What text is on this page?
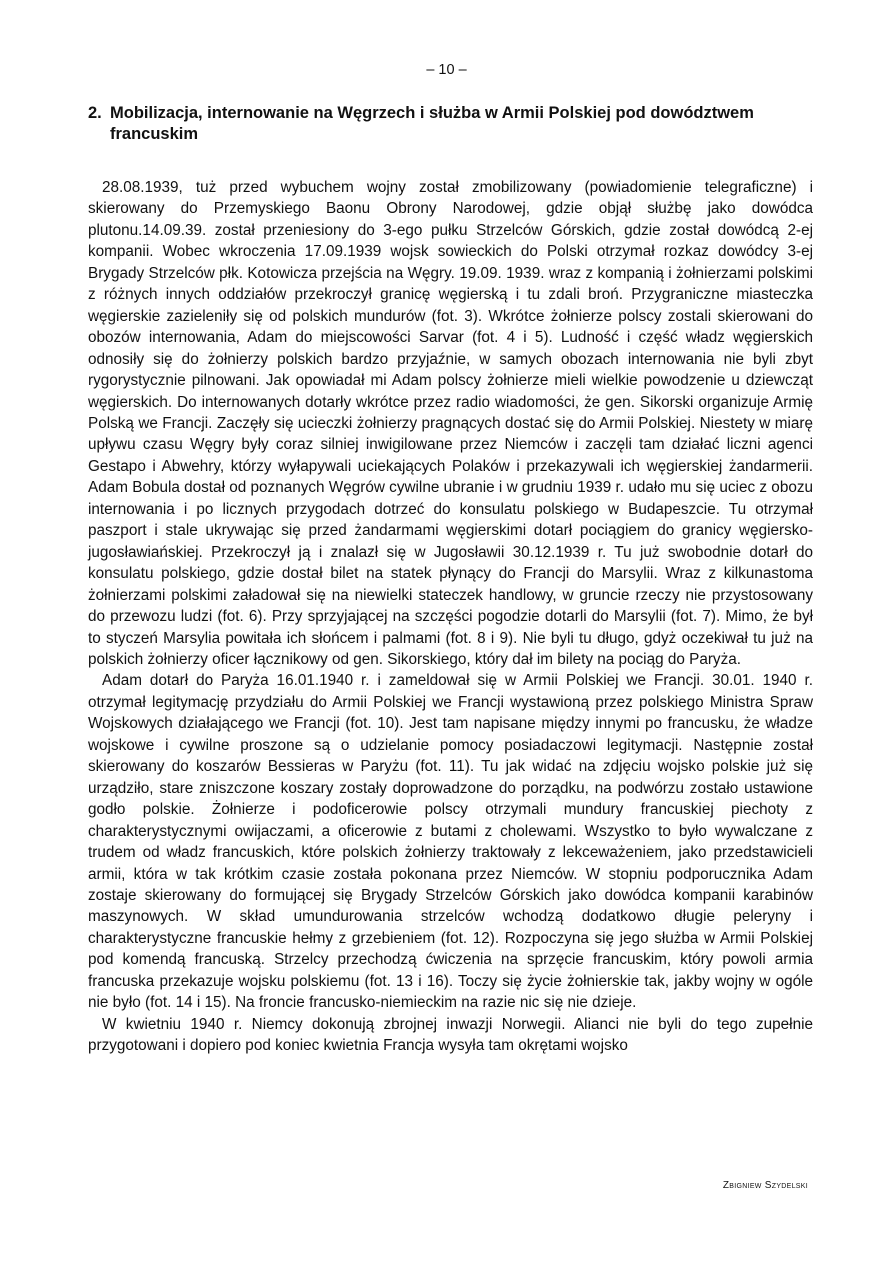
– 10 –
2. Mobilizacja, internowanie na Węgrzech i służba w Armii Polskiej pod dowództwem francuskim

28.08.1939, tuż przed wybuchem wojny został zmobilizowany (powiadomienie telegraficzne) i skierowany do Przemyskiego Baonu Obrony Narodowej, gdzie objął służbę jako dowódca plutonu.14.09.39. został przeniesiony do 3-ego pułku Strzelców Górskich, gdzie został dowódcą 2-ej kompanii. Wobec wkroczenia 17.09.1939 wojsk sowieckich do Polski otrzymał rozkaz dowódcy 3-ej Brygady Strzelców płk. Kotowicza przejścia na Węgry. 19.09. 1939. wraz z kompanią i żołnierzami polskimi z różnych innych oddziałów przekroczył granicę węgierską i tu zdali broń. Przygraniczne miasteczka węgierskie zazieleniły się od polskich mundurów (fot. 3). Wkrótce żołnierze polscy zostali skierowani do obozów internowania, Adam do miejscowości Sarvar (fot. 4 i 5). Ludność i część władz węgierskich odnosiły się do żołnierzy polskich bardzo przyjaźnie, w samych obozach internowania nie byli zbyt rygorystycznie pilnowani. Jak opowiadał mi Adam polscy żołnierze mieli wielkie powodzenie u dziewcząt węgierskich. Do internowanych dotarły wkrótce przez radio wiadomości, że gen. Sikorski organizuje Armię Polską we Francji. Zaczęły się ucieczki żołnierzy pragnących dostać się do Armii Polskiej. Niestety w miarę upływu czasu Węgry były coraz silniej inwigilowane przez Niemców i zaczęli tam działać liczni agenci Gestapo i Abwehry, którzy wyłapywali uciekających Polaków i przekazywali ich węgierskiej żandarmerii. Adam Bobula dostał od poznanych Węgrów cywilne ubranie i w grudniu 1939 r. udało mu się uciec z obozu internowania i po licznych przygodach dotrzeć do konsulatu polskiego w Budapeszcie. Tu otrzymał paszport i stale ukrywając się przed żandarmami węgierskimi dotarł pociągiem do granicy węgiersko-jugosławiańskiej. Przekroczył ją i znalazł się w Jugosławii 30.12.1939 r. Tu już swobodnie dotarł do konsulatu polskiego, gdzie dostał bilet na statek płynący do Francji do Marsylii. Wraz z kilkunastoma żołnierzami polskimi załadował się na niewielki stateczek handlowy, w gruncie rzeczy nie przystosowany do przewozu ludzi (fot. 6). Przy sprzyjającej na szczęści pogodzie dotarli do Marsylii (fot. 7). Mimo, że był to styczeń Marsylia powitała ich słońcem i palmami (fot. 8 i 9). Nie byli tu długo, gdyż oczekiwał tu już na polskich żołnierzy oficer łącznikowy od gen. Sikorskiego, który dał im bilety na pociąg do Paryża.

Adam dotarł do Paryża 16.01.1940 r. i zameldował się w Armii Polskiej we Francji. 30.01. 1940 r. otrzymał legitymację przydziału do Armii Polskiej we Francji wystawioną przez polskiego Ministra Spraw Wojskowych działającego we Francji (fot. 10). Jest tam napisane między innymi po francusku, że władze wojskowe i cywilne proszone są o udzielanie pomocy posiadaczowi legitymacji. Następnie został skierowany do koszarów Bessieras w Paryżu (fot. 11). Tu jak widać na zdjęciu wojsko polskie już się urządziło, stare zniszczone koszary zostały doprowadzone do porządku, na podwórzu zostało ustawione godło polskie. Żołnierze i podoficerowie polscy otrzymali mundury francuskiej piechoty z charakterystycznymi owijaczami, a oficerowie z butami z cholewami. Wszystko to było wywalczane z trudem od władz francuskich, które polskich żołnierzy traktowały z lekceważeniem, jako przedstawicieli armii, która w tak krótkim czasie została pokonana przez Niemców. W stopniu podporucznika Adam zostaje skierowany do formującej się Brygady Strzelców Górskich jako dowódca kompanii karabinów maszynowych. W skład umundurowania strzelców wchodzą dodatkowo długie peleryny i charakterystyczne francuskie hełmy z grzebieniem (fot. 12). Rozpoczyna się jego służba w Armii Polskiej pod komendą francuską. Strzelcy przechodzą ćwiczenia na sprzęcie francuskim, który powoli armia francuska przekazuje wojsku polskiemu (fot. 13 i 16). Toczy się życie żołnierskie tak, jakby wojny w ogóle nie było (fot. 14 i 15). Na froncie francusko-niemieckim na razie nic się nie dzieje.

W kwietniu 1940 r. Niemcy dokonują zbrojnej inwazji Norwegii. Alianci nie byli do tego zupełnie przygotowani i dopiero pod koniec kwietnia Francja wysyła tam okrętami wojsko

Zbigniew Szydelski
